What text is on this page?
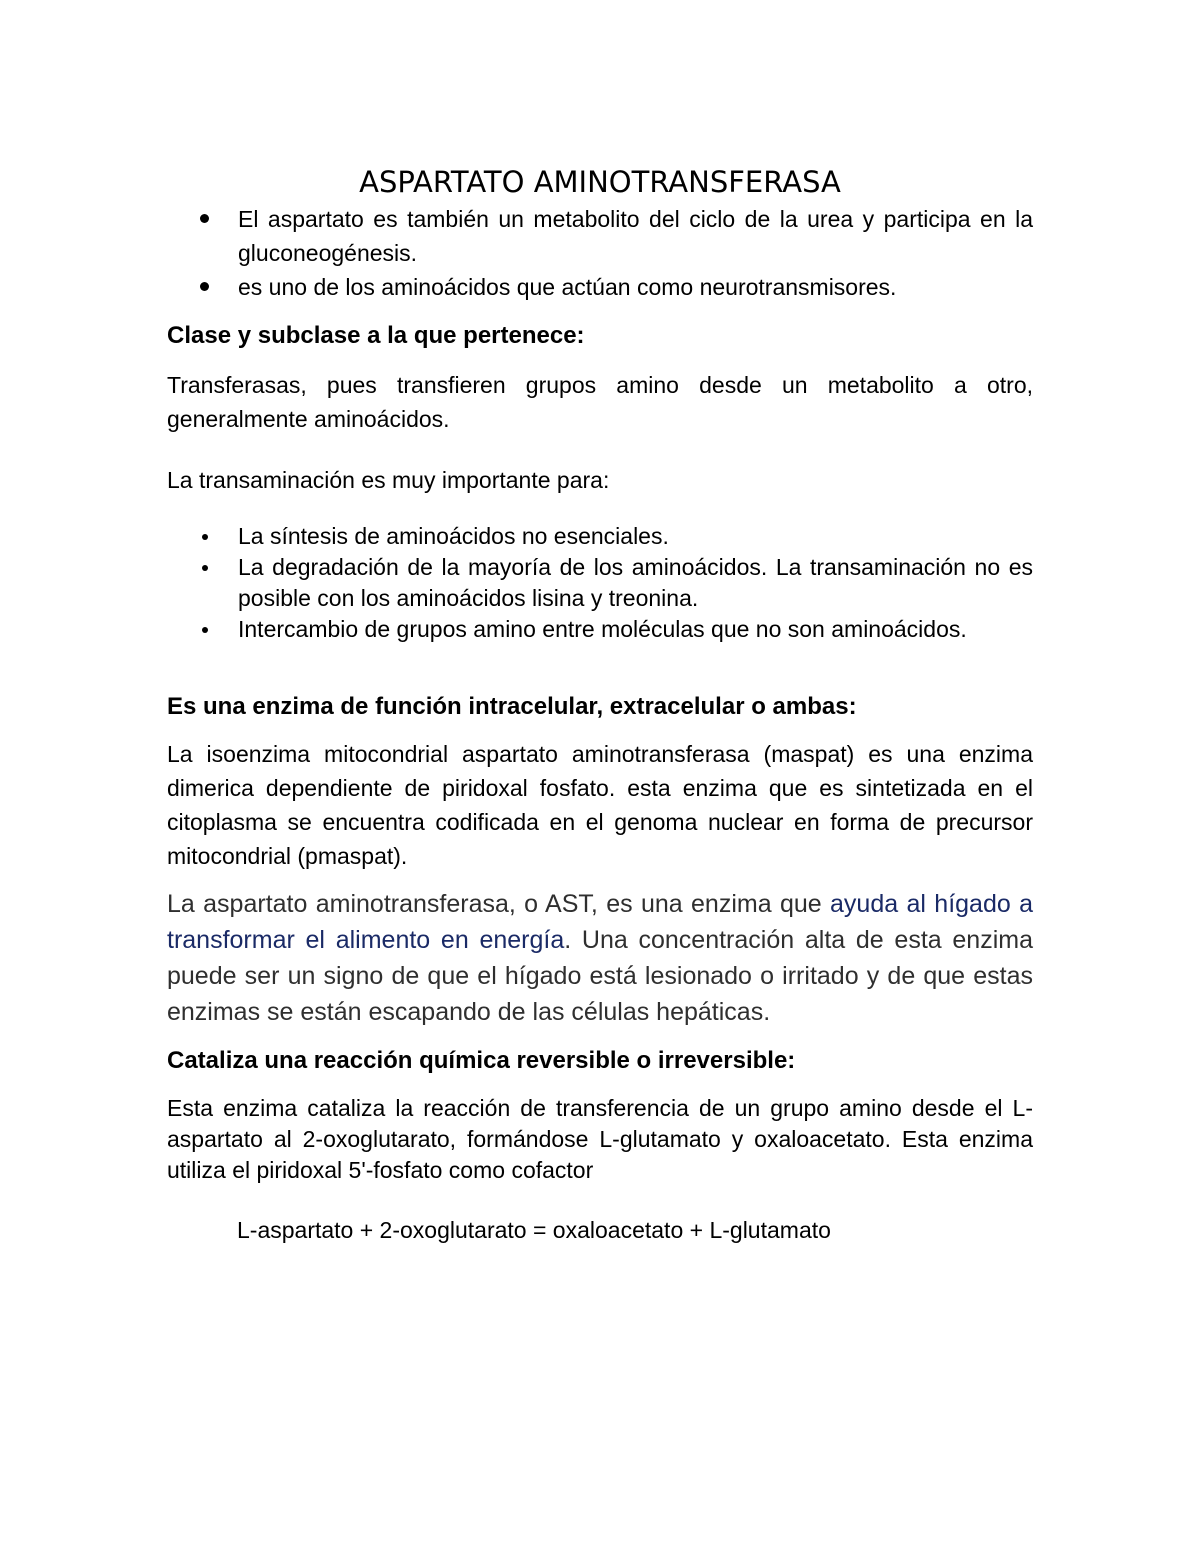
ASPARTATO AMINOTRANSFERASA
El aspartato es también un metabolito del ciclo de la urea y participa en la gluconeogénesis.
es uno de los aminoácidos que actúan como neurotransmisores.

Clase y subclase a la que pertenece:

Transferasas, pues transfieren grupos amino desde un metabolito a otro, generalmente aminoácidos.

La transaminación es muy importante para:

La síntesis de aminoácidos no esenciales.
La degradación de la mayoría de los aminoácidos. La transaminación no es posible con los aminoácidos lisina y treonina.
Intercambio de grupos amino entre moléculas que no son aminoácidos.

Es una enzima de función intracelular, extracelular o ambas:

La isoenzima mitocondrial aspartato aminotransferasa (maspat) es una enzima dimerica dependiente de piridoxal fosfato. esta enzima que es sintetizada en el citoplasma se encuentra codificada en el genoma nuclear en forma de precursor mitocondrial (pmaspat).

La aspartato aminotransferasa, o AST, es una enzima que ayuda al hígado a transformar el alimento en energía. Una concentración alta de esta enzima puede ser un signo de que el hígado está lesionado o irritado y de que estas enzimas se están escapando de las células hepáticas.

Cataliza una reacción química reversible o irreversible:

Esta enzima cataliza la reacción de transferencia de un grupo amino desde el L-aspartato al 2-oxoglutarato, formándose L-glutamato y oxaloacetato. Esta enzima utiliza el piridoxal 5'-fosfato como cofactor

L-aspartato + 2-oxoglutarato = oxaloacetato + L-glutamato
